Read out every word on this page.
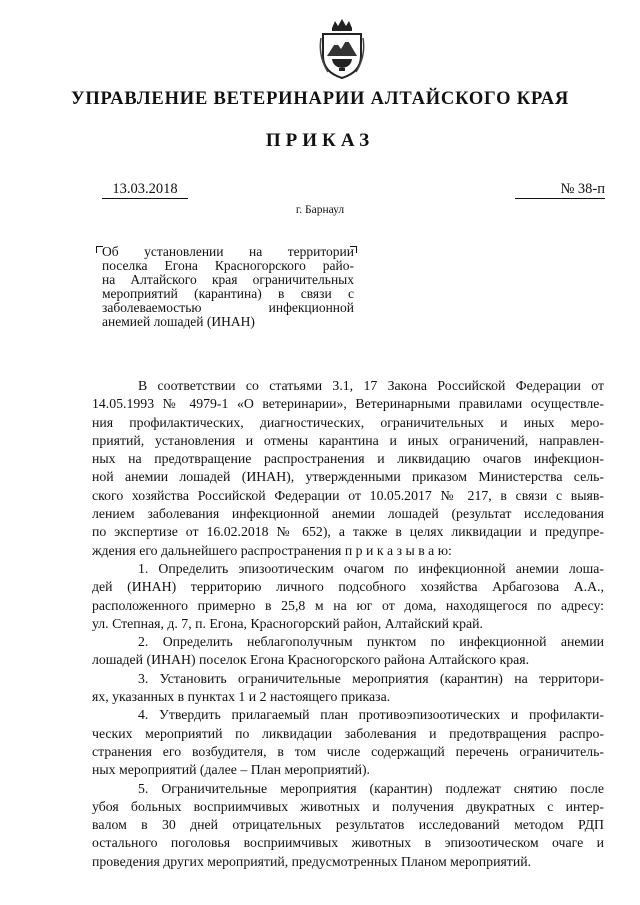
УПРАВЛЕНИЕ ВЕТЕРИНАРИИ АЛТАЙСКОГО КРАЯ
ПРИКАЗ
13.03.2018	№ 38-п
г. Барнаул
Об установлении на территории
поселка Егона Красногорского райо-
на Алтайского края ограничительных
мероприятий (карантина) в связи с
заболеваемостью инфекционной
анемией лошадей (ИНАН)
В соответствии со статьями 3.1, 17 Закона Российской Федерации от
14.05.1993 № 4979-1 «О ветеринарии», Ветеринарными правилами осуществле-
ния профилактических, диагностических, ограничительных и иных меро-
приятий, установления и отмены карантина и иных ограничений, направлен-
ных на предотвращение распространения и ликвидацию очагов инфекцион-
ной анемии лошадей (ИНАН), утвержденными приказом Министерства сель-
ского хозяйства Российской Федерации от 10.05.2017 № 217, в связи с выяв-
лением заболевания инфекционной анемии лошадей (результат исследования
по экспертизе от 16.02.2018 № 652), а также в целях ликвидации и предупре-
ждения его дальнейшего распространения п р и к а з ы в а ю:
1. Определить эпизоотическим очагом по инфекционной анемии лоша-
дей (ИНАН) территорию личного подсобного хозяйства Арбагозова А.А.,
расположенного примерно в 25,8 м на юг от дома, находящегося по адресу:
ул. Степная, д. 7, п. Егона, Красногорский район, Алтайский край.
2. Определить неблагополучным пунктом по инфекционной анемии
лошадей (ИНАН) поселок Егона Красногорского района Алтайского края.
3. Установить ограничительные мероприятия (карантин) на территори-
ях, указанных в пунктах 1 и 2 настоящего приказа.
4. Утвердить прилагаемый план противоэпизоотических и профилакти-
ческих мероприятий по ликвидации заболевания и предотвращения распро-
странения его возбудителя, в том числе содержащий перечень ограничитель-
ных мероприятий (далее – План мероприятий).
5. Ограничительные мероприятия (карантин) подлежат снятию после
убоя больных восприимчивых животных и получения двукратных с интер-
валом в 30 дней отрицательных результатов исследований методом РДП
остального поголовья восприимчивых животных в эпизоотическом очаге и
проведения других мероприятий, предусмотренных Планом мероприятий.
